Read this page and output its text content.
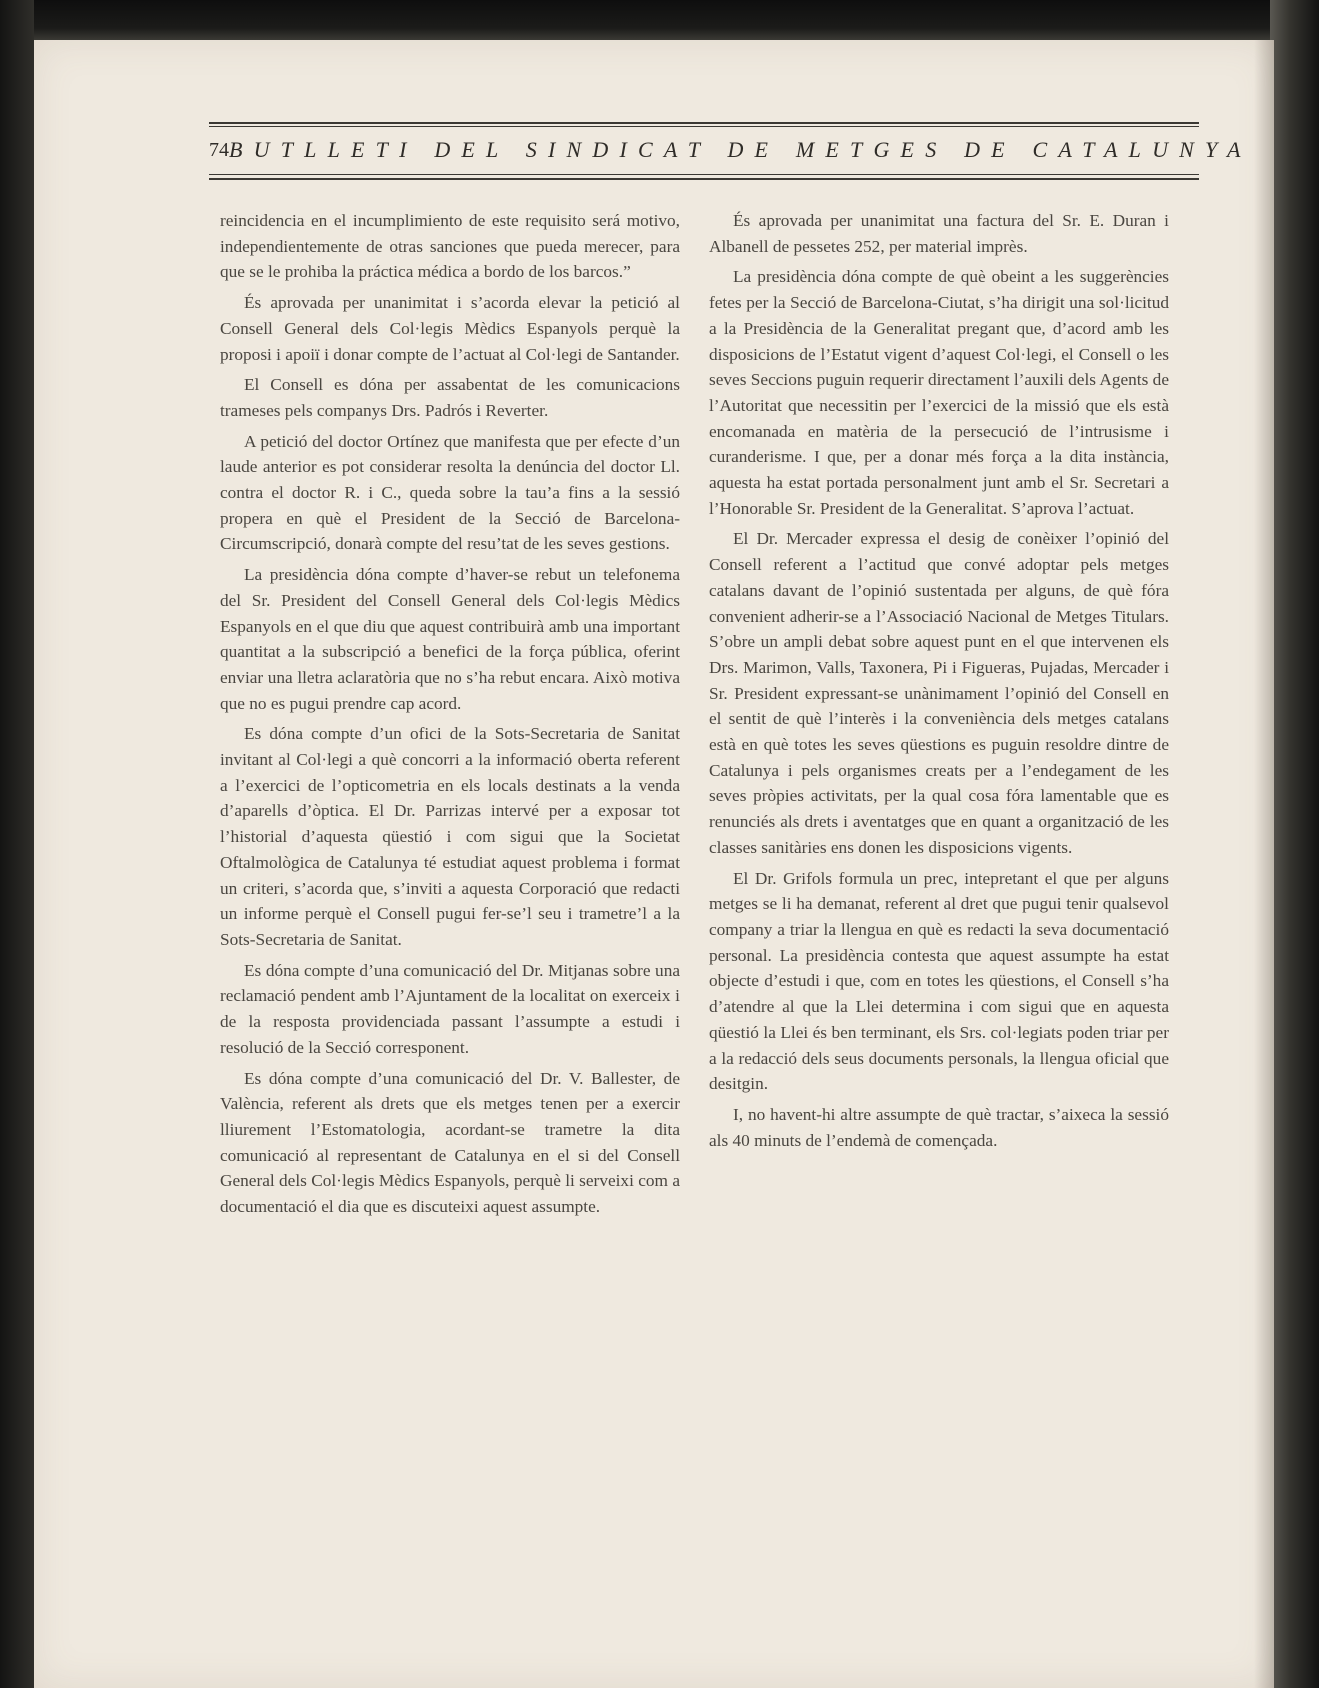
74 BUTLLETI DEL SINDICAT DE METGES DE CATALUNYA

reincidencia en el incumplimiento de este requisito será motivo, independientemente de otras sanciones que pueda merecer, para que se le prohiba la práctica médica a bordo de los barcos.”

És aprovada per unanimitat i s’acorda elevar la petició al Consell General dels Col·legis Mèdics Espanyols perquè la proposi i apoiï i donar compte de l’actuat al Col·legi de Santander.

El Consell es dóna per assabentat de les comunicacions trameses pels companys Drs. Padrós i Reverter.

A petició del doctor Ortínez que manifesta que per efecte d’un laude anterior es pot considerar resolta la denúncia del doctor Ll. contra el doctor R. i C., queda sobre la tau’a fins a la sessió propera en què el President de la Secció de Barcelona-Circumscripció, donarà compte del resu’tat de les seves gestions.

La presidència dóna compte d’haver-se rebut un telefonema del Sr. President del Consell General dels Col·legis Mèdics Espanyols en el que diu que aquest contribuirà amb una important quantitat a la subscripció a benefici de la força pública, oferint enviar una lletra aclaratòria que no s’ha rebut encara. Això motiva que no es pugui prendre cap acord.

Es dóna compte d’un ofici de la Sots-Secretaria de Sanitat invitant al Col·legi a què concorri a la informació oberta referent a l’exercici de l’opticometria en els locals destinats a la venda d’aparells d’òptica. El Dr. Parrizas intervé per a exposar tot l’historial d’aquesta qüestió i com sigui que la Societat Oftalmològica de Catalunya té estudiat aquest problema i format un criteri, s’acorda que, s’inviti a aquesta Corporació que redacti un informe perquè el Consell pugui fer-se’l seu i trametre’l a la Sots-Secretaria de Sanitat.

Es dóna compte d’una comunicació del Dr. Mitjanas sobre una reclamació pendent amb l’Ajuntament de la localitat on exerceix i de la resposta providenciada passant l’assumpte a estudi i resolució de la Secció corresponent.

Es dóna compte d’una comunicació del Dr. V. Ballester, de València, referent als drets que els metges tenen per a exercir lliurement l’Estomatologia, acordant-se trametre la dita comunicació al representant de Catalunya en el si del Consell General dels Col·legis Mèdics Espanyols, perquè li serveixi com a documentació el dia que es discuteixi aquest assumpte.

És aprovada per unanimitat una factura del Sr. E. Duran i Albanell de pessetes 252, per material imprès.

La presidència dóna compte de què obeint a les suggerències fetes per la Secció de Barcelona-Ciutat, s’ha dirigit una sol·licitud a la Presidència de la Generalitat pregant que, d’acord amb les disposicions de l’Estatut vigent d’aquest Col·legi, el Consell o les seves Seccions puguin requerir directament l’auxili dels Agents de l’Autoritat que necessitin per l’exercici de la missió que els està encomanada en matèria de la persecució de l’intrusisme i curanderisme. I que, per a donar més força a la dita instància, aquesta ha estat portada personalment junt amb el Sr. Secretari a l’Honorable Sr. President de la Generalitat. S’aprova l’actuat.

El Dr. Mercader expressa el desig de conèixer l’opinió del Consell referent a l’actitud que convé adoptar pels metges catalans davant de l’opinió sustentada per alguns, de què fóra convenient adherir-se a l’Associació Nacional de Metges Titulars. S’obre un ampli debat sobre aquest punt en el que intervenen els Drs. Marimon, Valls, Taxonera, Pi i Figueras, Pujadas, Mercader i Sr. President expressant-se unànimament l’opinió del Consell en el sentit de què l’interès i la conveniència dels metges catalans està en què totes les seves qüestions es puguin resoldre dintre de Catalunya i pels organismes creats per a l’endegament de les seves pròpies activitats, per la qual cosa fóra lamentable que es renunciés als drets i aventatges que en quant a organització de les classes sanitàries ens donen les disposicions vigents.

El Dr. Grifols formula un prec, intepretant el que per alguns metges se li ha demanat, referent al dret que pugui tenir qualsevol company a triar la llengua en què es redacti la seva documentació personal. La presidència contesta que aquest assumpte ha estat objecte d’estudi i que, com en totes les qüestions, el Consell s’ha d’atendre al que la Llei determina i com sigui que en aquesta qüestió la Llei és ben terminant, els Srs. col·legiats poden triar per a la redacció dels seus documents personals, la llengua oficial que desitgin.

I, no havent-hi altre assumpte de què tractar, s’aixeca la sessió als 40 minuts de l’endemà de començada.
